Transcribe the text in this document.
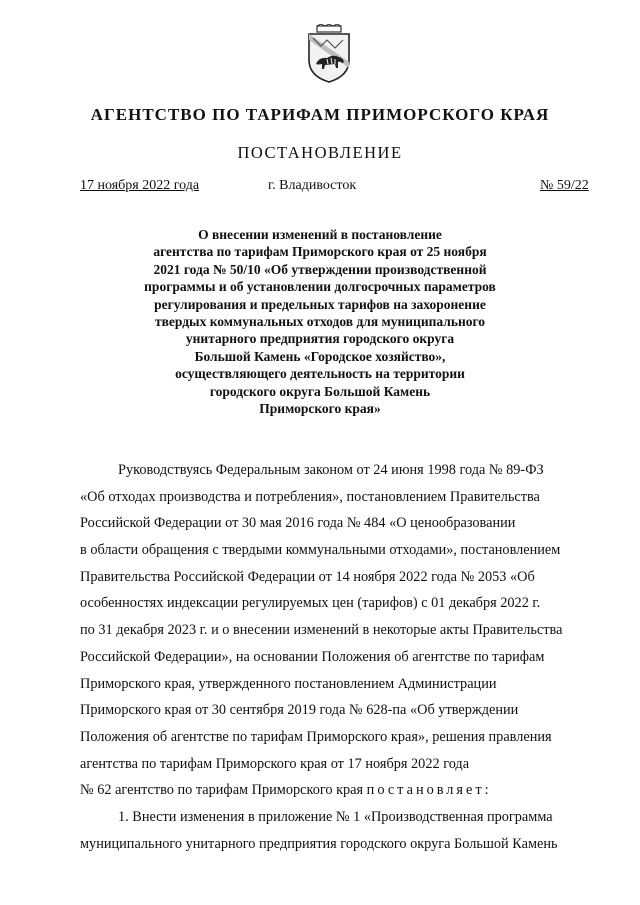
АГЕНТСТВО ПО ТАРИФАМ ПРИМОРСКОГО КРАЯ
ПОСТАНОВЛЕНИЕ
17 ноября 2022 года	г. Владивосток	№ 59/22
О внесении изменений в постановление
агентства по тарифам Приморского края от 25 ноября
2021 года № 50/10 «Об утверждении производственной
программы и об установлении долгосрочных параметров
регулирования и предельных тарифов на захоронение
твердых коммунальных отходов для муниципального
унитарного предприятия городского округа
Большой Камень «Городское хозяйство»,
осуществляющего деятельность на территории
городского округа Большой Камень
Приморского края»
Руководствуясь Федеральным законом от 24 июня 1998 года № 89-ФЗ
«Об отходах производства и потребления», постановлением Правительства
Российской Федерации от 30 мая 2016 года № 484 «О ценообразовании
в области обращения с твердыми коммунальными отходами», постановлением
Правительства Российской Федерации от 14 ноября 2022 года № 2053 «Об
особенностях индексации регулируемых цен (тарифов) с 01 декабря 2022 г.
по 31 декабря 2023 г. и о внесении изменений в некоторые акты Правительства
Российской Федерации», на основании Положения об агентстве по тарифам
Приморского края, утвержденного постановлением Администрации
Приморского края от 30 сентября 2019 года № 628-па «Об утверждении
Положения об агентстве по тарифам Приморского края», решения правления
агентства по тарифам Приморского края от 17 ноября 2022 года
№ 62 агентство по тарифам Приморского края постановляет:
1. Внести изменения в приложение № 1 «Производственная программа
муниципального унитарного предприятия городского округа Большой Камень
